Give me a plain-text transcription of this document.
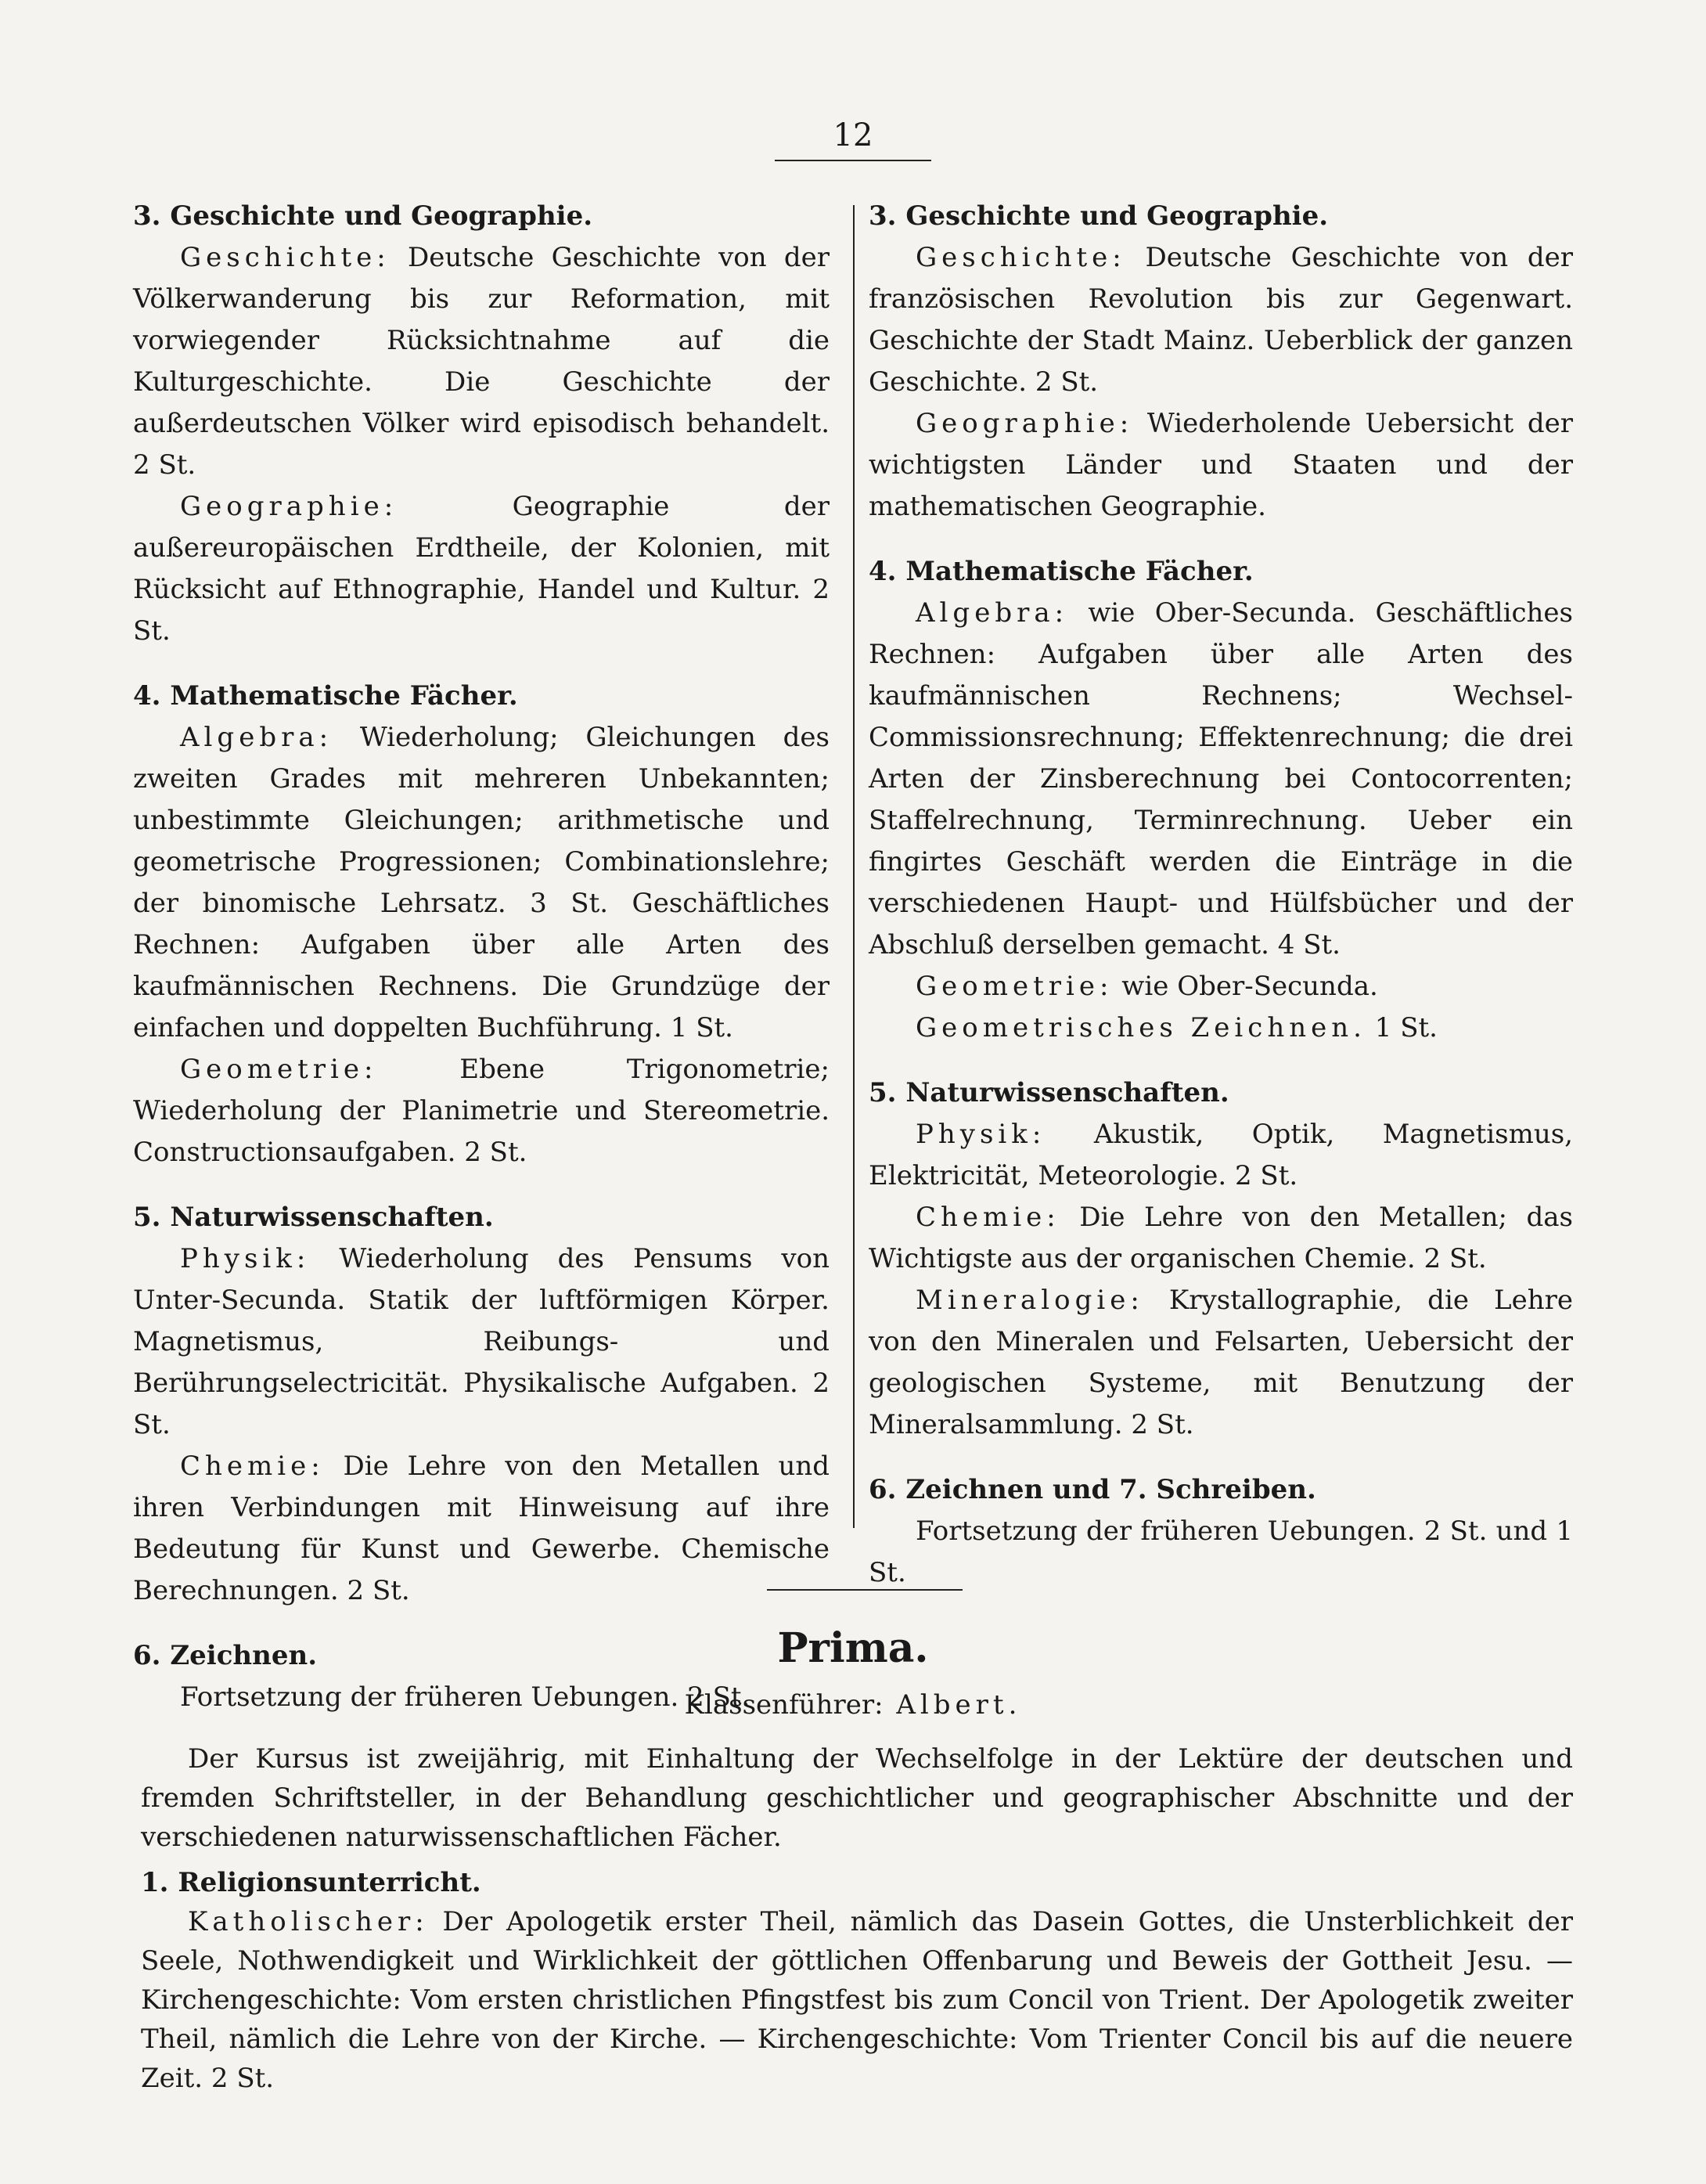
12

3. Geschichte und Geographie.

Geschichte: Deutsche Geschichte von der Völkerwanderung bis zur Reformation, mit vorwiegender Rücksichtnahme auf die Kulturgeschichte. Die Geschichte der außerdeutschen Völker wird episodisch behandelt. 2 St.

Geographie: Geographie der außereuropäischen Erdtheile, der Kolonien, mit Rücksicht auf Ethnographie, Handel und Kultur. 2 St.

4. Mathematische Fächer.

Algebra: Wiederholung; Gleichungen des zweiten Grades mit mehreren Unbekannten; unbestimmte Gleichungen; arithmetische und geometrische Progressionen; Combinationslehre; der binomische Lehrsatz. 3 St. Geschäftliches Rechnen: Aufgaben über alle Arten des kaufmännischen Rechnens. Die Grundzüge der einfachen und doppelten Buchführung. 1 St.

Geometrie: Ebene Trigonometrie; Wiederholung der Planimetrie und Stereometrie. Constructionsaufgaben. 2 St.

5. Naturwissenschaften.

Physik: Wiederholung des Pensums von Unter-Secunda. Statik der luftförmigen Körper. Magnetismus, Reibungs- und Berührungselectricität. Physikalische Aufgaben. 2 St.

Chemie: Die Lehre von den Metallen und ihren Verbindungen mit Hinweisung auf ihre Bedeutung für Kunst und Gewerbe. Chemische Berechnungen. 2 St.

6. Zeichnen.

Fortsetzung der früheren Uebungen. 2 St.

3. Geschichte und Geographie.

Geschichte: Deutsche Geschichte von der französischen Revolution bis zur Gegenwart. Geschichte der Stadt Mainz. Ueberblick der ganzen Geschichte. 2 St.

Geographie: Wiederholende Uebersicht der wichtigsten Länder und Staaten und der mathematischen Geographie.

4. Mathematische Fächer.

Algebra: wie Ober-Secunda. Geschäftliches Rechnen: Aufgaben über alle Arten des kaufmännischen Rechnens; Wechsel-Commissionsrechnung; Effektenrechnung; die drei Arten der Zinsberechnung bei Contocorrenten; Staffelrechnung, Terminrechnung. Ueber ein fingirtes Geschäft werden die Einträge in die verschiedenen Haupt- und Hülfsbücher und der Abschluß derselben gemacht. 4 St.

Geometrie: wie Ober-Secunda.

Geometrisches Zeichnen. 1 St.

5. Naturwissenschaften.

Physik: Akustik, Optik, Magnetismus, Elektricität, Meteorologie. 2 St.

Chemie: Die Lehre von den Metallen; das Wichtigste aus der organischen Chemie. 2 St.

Mineralogie: Krystallographie, die Lehre von den Mineralen und Felsarten, Uebersicht der geologischen Systeme, mit Benutzung der Mineralsammlung. 2 St.

6. Zeichnen und 7. Schreiben.

Fortsetzung der früheren Uebungen. 2 St. und 1 St.

Prima.
Klassenführer: Albert.

Der Kursus ist zweijährig, mit Einhaltung der Wechselfolge in der Lektüre der deutschen und fremden Schriftsteller, in der Behandlung geschichtlicher und geographischer Abschnitte und der verschiedenen naturwissenschaftlichen Fächer.

1. Religionsunterricht.

Katholischer: Der Apologetik erster Theil, nämlich das Dasein Gottes, die Unsterblichkeit der Seele, Nothwendigkeit und Wirklichkeit der göttlichen Offenbarung und Beweis der Gottheit Jesu. — Kirchengeschichte: Vom ersten christlichen Pfingstfest bis zum Concil von Trient. Der Apologetik zweiter Theil, nämlich die Lehre von der Kirche. — Kirchengeschichte: Vom Trienter Concil bis auf die neuere Zeit. 2 St.
